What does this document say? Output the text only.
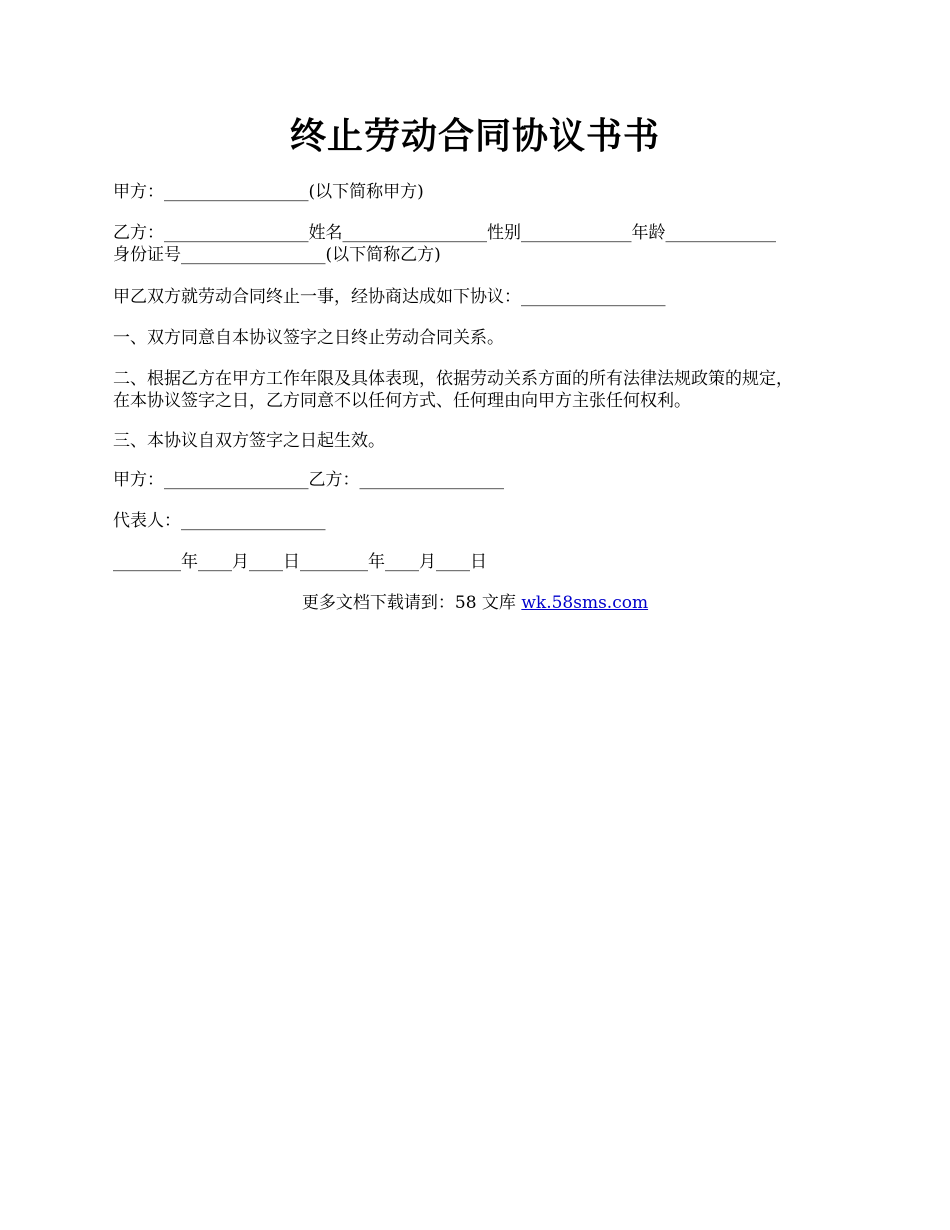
终止劳动合同协议书书
甲方：_________________(以下简称甲方)
乙方：_________________姓名_________________性别_____________年龄_____________
身份证号_________________(以下简称乙方)
甲乙双方就劳动合同终止一事，经协商达成如下协议：_________________
一、双方同意自本协议签字之日终止劳动合同关系。
二、根据乙方在甲方工作年限及具体表现，依据劳动关系方面的所有法律法规政策的规定，
在本协议签字之日，乙方同意不以任何方式、任何理由向甲方主张任何权利。
三、本协议自双方签字之日起生效。
甲方：_________________乙方：_________________
代表人：_________________
________年____月____日________年____月____日
更多文档下载请到：58 文库 wk.58sms.com
